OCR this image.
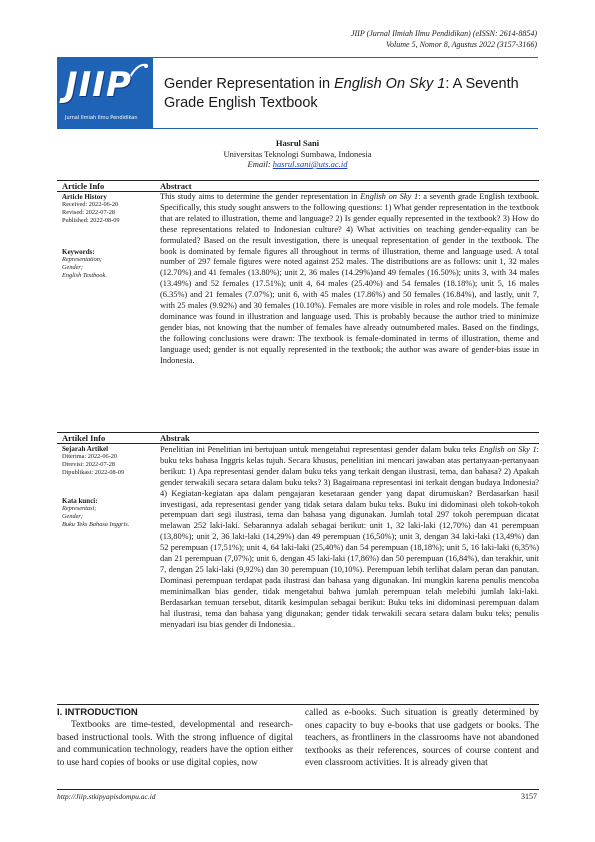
JIIP (Jurnal Ilmiah Ilmu Pendidikan) (eISSN: 2614-8854)
Volume 5, Nomor 8, Agustus 2022 (3157-3166)
JIIP
Jurnal Ilmiah Ilmu Pendidikan
Gender Representation in English On Sky 1: A Seventh Grade English Textbook
Hasrul Sani
Universitas Teknologi Sumbawa, Indonesia
Email: hasrul.sani@uts.ac.id
Article Info	Abstract
Article History
Received: 2022-06-20
Revised: 2022-07-28
Published: 2022-08-09
Keywords:
Representation;
Gender;
English Textbook.
This study aims to determine the gender representation in English on Sky 1: a seventh grade English textbook. Specifically, this study sought answers to the following questions: 1) What gender representation in the textbook that are related to illustration, theme and language? 2) Is gender equally represented in the textbook? 3) How do these representations related to Indonesian culture? 4) What activities on teaching gender-equality can be formulated? Based on the result investigation, there is unequal representation of gender in the textbook. The book is dominated by female figures all throughout in terms of illustration, theme and language used. A total number of 297 female figures were noted against 252 males. The distributions are as follows: unit 1, 32 males (12.70%) and 41 females (13.80%); unit 2, 36 males (14.29%)and 49 females (16.50%); units 3, with 34 males (13.49%) and 52 females (17.51%); unit 4, 64 males (25.40%) and 54 females (18.18%); unit 5, 16 males (6.35%) and 21 females (7.07%); unit 6, with 45 males (17.86%) and 50 females (16.84%), and lastly, unit 7, with 25 males (9.92%) and 30 females (10.10%). Females are more visible in roles and role models. The female dominance was found in illustration and language used. This is probably because the author tried to minimize gender bias, not knowing that the number of females have already outnumbered males. Based on the findings, the following conclusions were drawn: The textbook is female-dominated in terms of illustration, theme and language used; gender is not equally represented in the textbook; the author was aware of gender-bias issue in Indonesia.
Artikel Info	Abstrak
Sejarah Artikel
Diterima: 2022-06-20
Direvisi: 2022-07-28
Dipublikasi: 2022-08-09
Kata kunci:
Representasi;
Gender;
Buku Teks Bahasa Inggris.
Penelitian ini Penelitian ini bertujuan untuk mengetahui representasi gender dalam buku teks English on Sky 1: buku teks bahasa Inggris kelas tujuh. Secara khusus, penelitian ini mencari jawaban atas pertanyaan-pertanyaan berikut: 1) Apa representasi gender dalam buku teks yang terkait dengan ilustrasi, tema, dan bahasa? 2) Apakah gender terwakili secara setara dalam buku teks? 3) Bagaimana representasi ini terkait dengan budaya Indonesia? 4) Kegiatan-kegiatan apa dalam pengajaran kesetaraan gender yang dapat dirumuskan? Berdasarkan hasil investigasi, ada representasi gender yang tidak setara dalam buku teks. Buku ini didominasi oleh tokoh-tokoh perempuan dari segi ilustrasi, tema dan bahasa yang digunakan. Jumlah total 297 tokoh perempuan dicatat melawan 252 laki-laki. Sebarannya adalah sebagai berikut: unit 1, 32 laki-laki (12,70%) dan 41 perempuan (13,80%); unit 2, 36 laki-laki (14,29%) dan 49 perempuan (16,50%); unit 3, dengan 34 laki-laki (13,49%) dan 52 perempuan (17,51%); unit 4, 64 laki-laki (25,40%) dan 54 perempuan (18,18%); unit 5, 16 laki-laki (6,35%) dan 21 perempuan (7,07%); unit 6, dengan 45 laki-laki (17,86%) dan 50 perempuan (16,84%), dan terakhir, unit 7, dengan 25 laki-laki (9,92%) dan 30 perempuan (10,10%). Perempuan lebih terlihat dalam peran dan panutan. Dominasi perempuan terdapat pada ilustrasi dan bahasa yang digunakan. Ini mungkin karena penulis mencoba meminimalkan bias gender, tidak mengetahui bahwa jumlah perempuan telah melebihi jumlah laki-laki. Berdasarkan temuan tersebut, ditarik kesimpulan sebagai berikut: Buku teks ini didominasi perempuan dalam hal ilustrasi, tema dan bahasa yang digunakan; gender tidak terwakili secara setara dalam buku teks; penulis menyadari isu bias gender di Indonesia..
I. INTRODUCTION
Textbooks are time-tested, developmental and research-based instructional tools. With the strong influence of digital and communication technology, readers have the option either to use hard copies of books or use digital copies, now
called as e-books. Such situation is greatly determined by ones capacity to buy e-books that use gadgets or books. The teachers, as frontliners in the classrooms have not abandoned textbooks as their references, sources of course content and even classroom activities. It is already given that
http://Jiip.stkipyapisdompu.ac.id	3157
